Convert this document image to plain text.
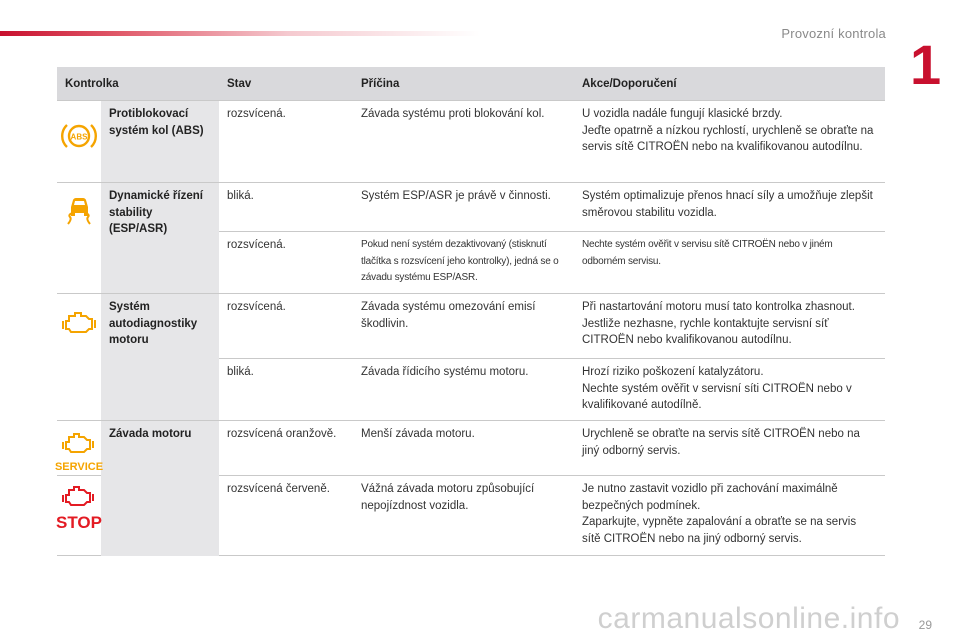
Provozní kontrola 1
Kontrolka		Stav	Příčina	Akce/Doporučení

ABS	Protiblokovací systém kol (ABS)	rozsvícená.	Závada systému proti blokování kol.	U vozidla nadále fungují klasické brzdy.
Jeďte opatrně a nízkou rychlostí, urychleně se obraťte na servis sítě CITROËN nebo na kvalifikovanou autodílnu.

	Dynamické řízení stability (ESP/ASR)	bliká.	Systém ESP/ASR je právě v činnosti.	Systém optimalizuje přenos hnací síly a umožňuje zlepšit směrovou stabilitu vozidla.
		rozsvícená.	Pokud není systém dezaktivovaný (stisknutí tlačítka s rozsvícení jeho kontrolky), jedná se o závadu systému ESP/ASR.	Nechte systém ověřit v servisu sítě CITROËN nebo v jiném odborném servisu.

	Systém autodiagnostiky motoru	rozsvícená.	Závada systému omezování emisí škodlivin.	Při nastartování motoru musí tato kontrolka zhasnout.
Jestliže nezhasne, rychle kontaktujte servisní síť CITROËN nebo kvalifikovanou autodílnu.
		bliká.	Závada řídicího systému motoru.	Hrozí riziko poškození katalyzátoru.
Nechte systém ověřit v servisní síti CITROËN nebo v kvalifikované autodílně.

SERVICE	Závada motoru	rozsvícená oranžově.	Menší závada motoru.	Urychleně se obraťte na servis sítě CITROËN nebo na jiný odborný servis.

STOP		rozsvícená červeně.	Vážná závada motoru způsobující nepojízdnost vozidla.	Je nutno zastavit vozidlo při zachování maximálně bezpečných podmínek.
Zaparkujte, vypněte zapalování a obraťte se na servis sítě CITROËN nebo na jiný odborný servis.
carmanualsonline.info 29
